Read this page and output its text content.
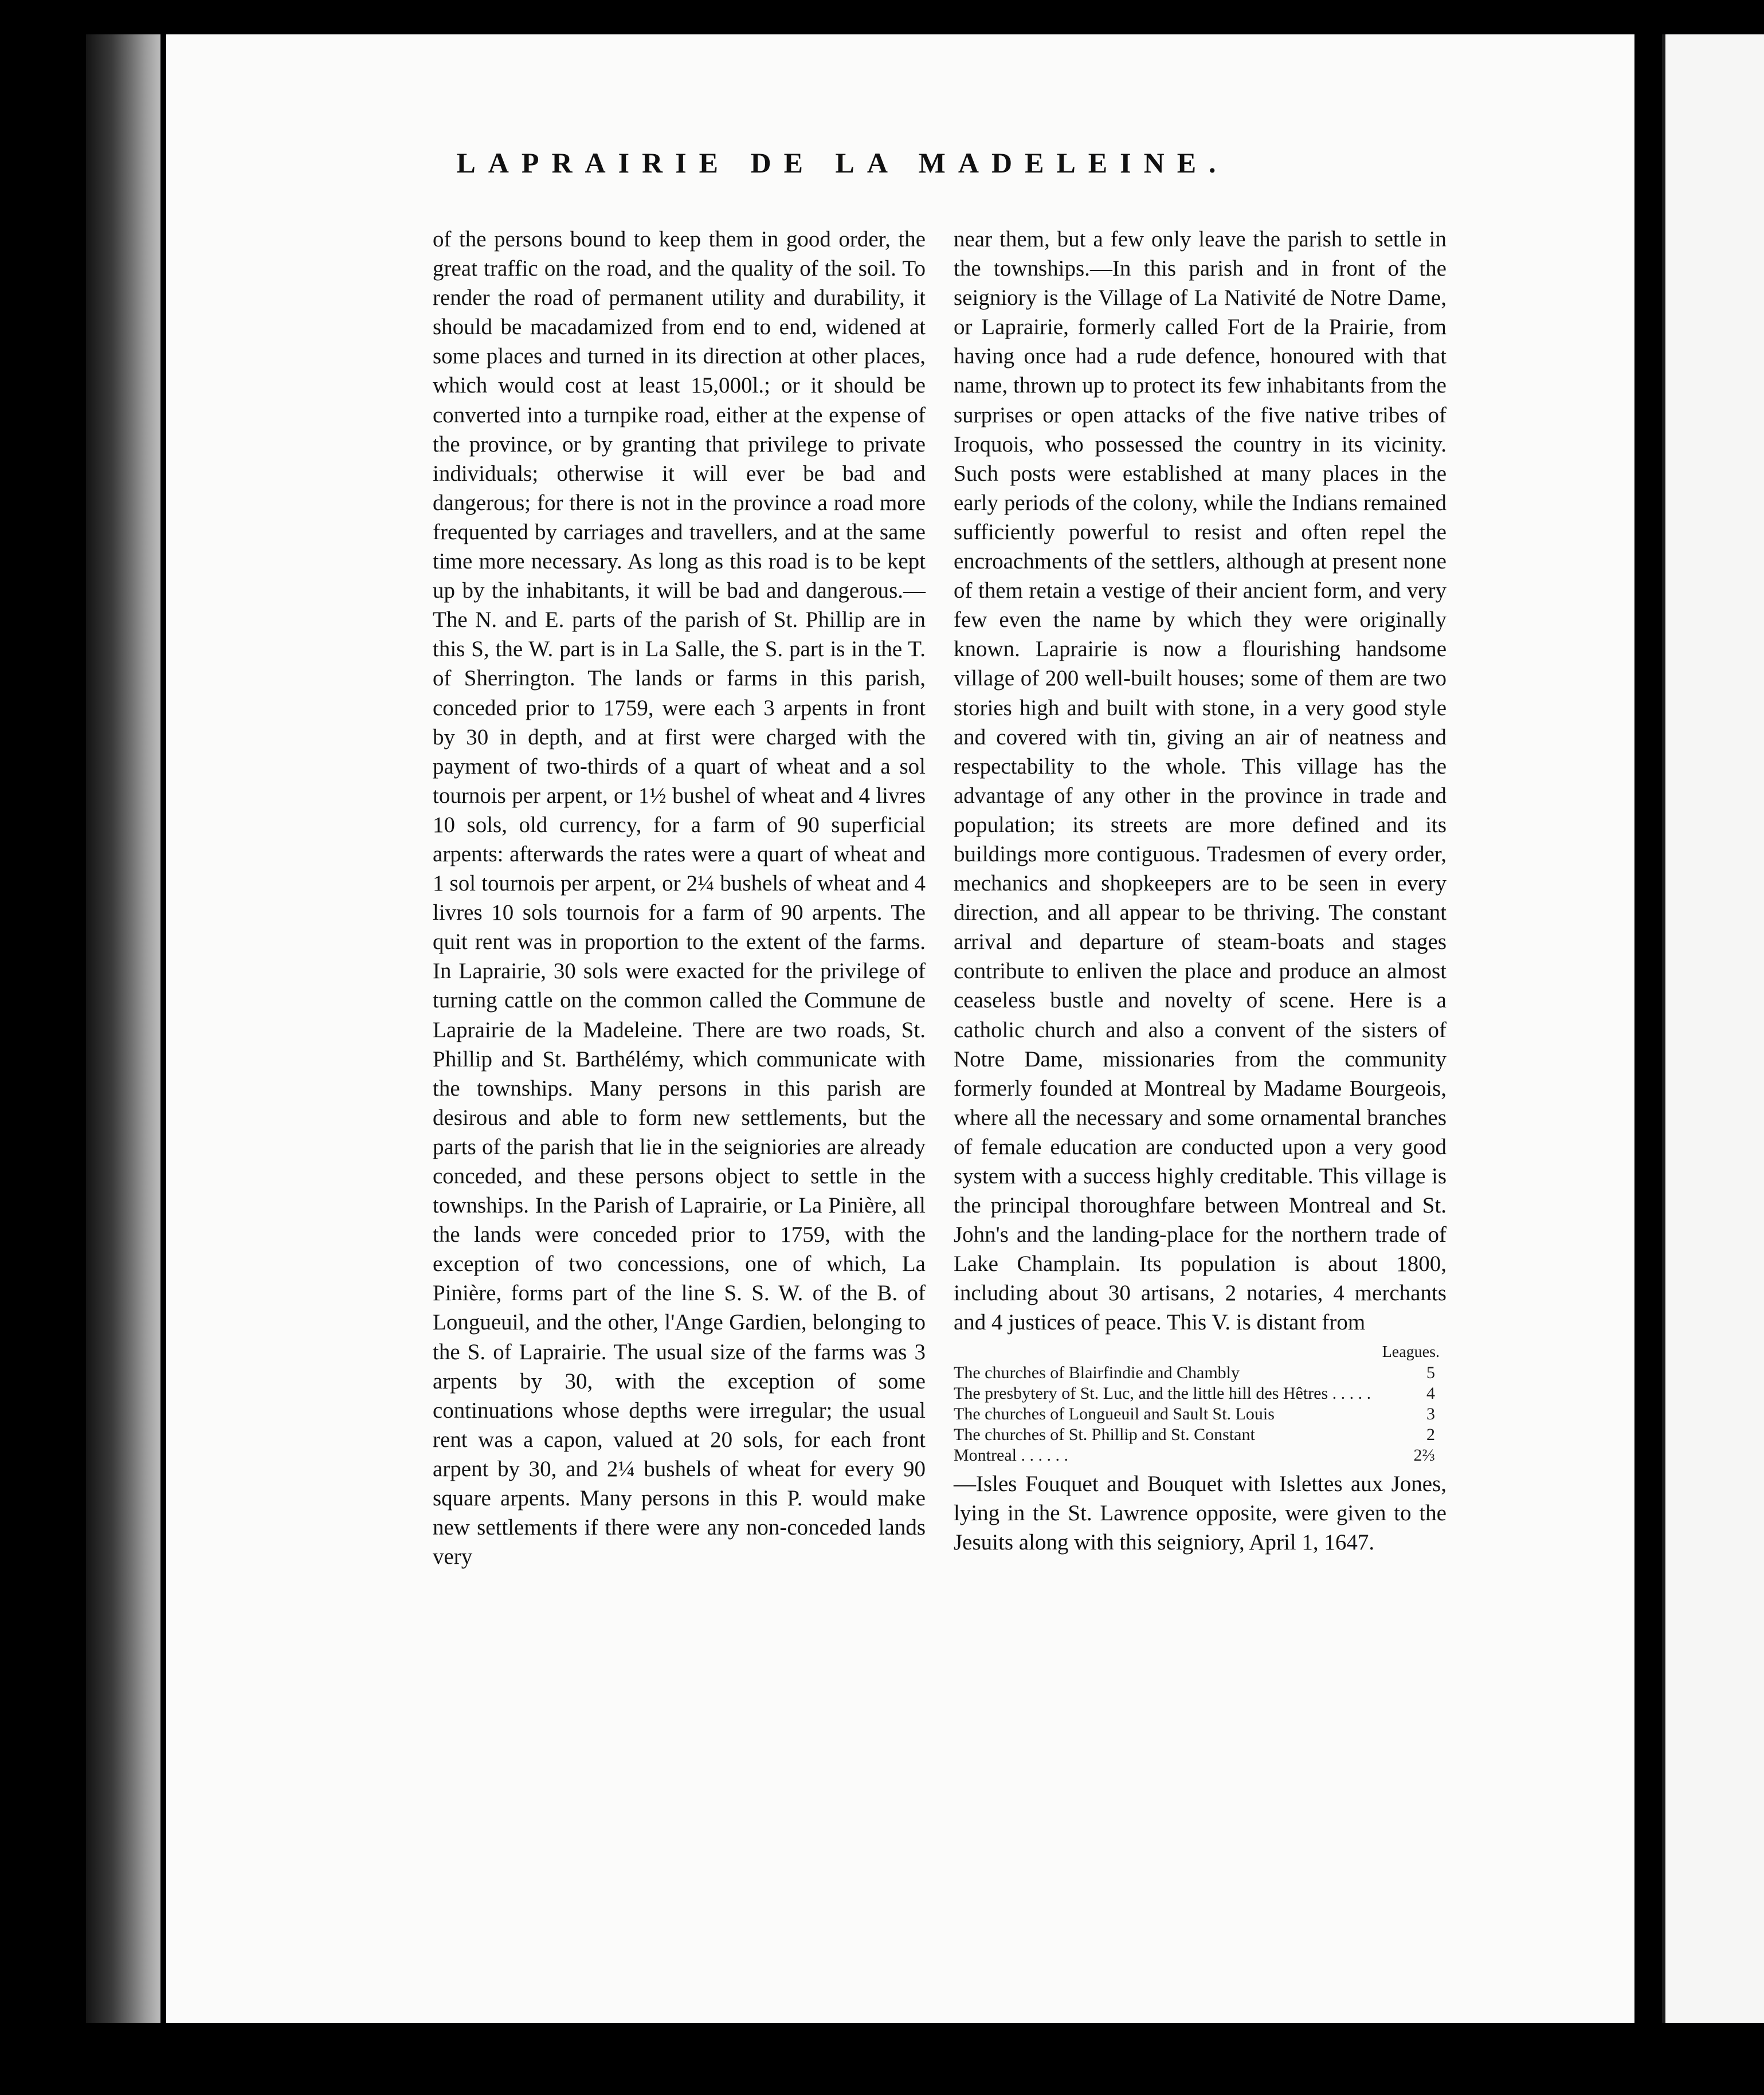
LAPRAIRIE DE LA MADELEINE.

of the persons bound to keep them in good order, the great traffic on the road, and the quality of the soil. To render the road of permanent utility and durability, it should be macadamized from end to end, widened at some places and turned in its direction at other places, which would cost at least 15,000l.; or it should be converted into a turnpike road, either at the expense of the province, or by granting that privilege to private individuals; otherwise it will ever be bad and dangerous; for there is not in the province a road more frequented by carriages and travellers, and at the same time more necessary. As long as this road is to be kept up by the inhabitants, it will be bad and dangerous.—The N. and E. parts of the parish of St. Phillip are in this S, the W. part is in La Salle, the S. part is in the T. of Sherrington. The lands or farms in this parish, conceded prior to 1759, were each 3 arpents in front by 30 in depth, and at first were charged with the payment of two-thirds of a quart of wheat and a sol tournois per arpent, or 1½ bushel of wheat and 4 livres 10 sols, old currency, for a farm of 90 superficial arpents: afterwards the rates were a quart of wheat and 1 sol tournois per arpent, or 2¼ bushels of wheat and 4 livres 10 sols tournois for a farm of 90 arpents. The quit rent was in proportion to the extent of the farms. In Laprairie, 30 sols were exacted for the privilege of turning cattle on the common called the Commune de Laprairie de la Madeleine. There are two roads, St. Phillip and St. Barthélémy, which communicate with the townships. Many persons in this parish are desirous and able to form new settlements, but the parts of the parish that lie in the seigniories are already conceded, and these persons object to settle in the townships. In the Parish of Laprairie, or La Pinière, all the lands were conceded prior to 1759, with the exception of two concessions, one of which, La Pinière, forms part of the line S. S. W. of the B. of Longueuil, and the other, l'Ange Gardien, belonging to the S. of Laprairie. The usual size of the farms was 3 arpents by 30, with the exception of some continuations whose depths were irregular; the usual rent was a capon, valued at 20 sols, for each front arpent by 30, and 2¼ bushels of wheat for every 90 square arpents. Many persons in this P. would make new settlements if there were any non-conceded lands very

near them, but a few only leave the parish to settle in the townships.—In this parish and in front of the seigniory is the Village of La Nativité de Notre Dame, or Laprairie, formerly called Fort de la Prairie, from having once had a rude defence, honoured with that name, thrown up to protect its few inhabitants from the surprises or open attacks of the five native tribes of Iroquois, who possessed the country in its vicinity. Such posts were established at many places in the early periods of the colony, while the Indians remained sufficiently powerful to resist and often repel the encroachments of the settlers, although at present none of them retain a vestige of their ancient form, and very few even the name by which they were originally known. Laprairie is now a flourishing handsome village of 200 well-built houses; some of them are two stories high and built with stone, in a very good style and covered with tin, giving an air of neatness and respectability to the whole. This village has the advantage of any other in the province in trade and population; its streets are more defined and its buildings more contiguous. Tradesmen of every order, mechanics and shopkeepers are to be seen in every direction, and all appear to be thriving. The constant arrival and departure of steam-boats and stages contribute to enliven the place and produce an almost ceaseless bustle and novelty of scene. Here is a catholic church and also a convent of the sisters of Notre Dame, missionaries from the community formerly founded at Montreal by Madame Bourgeois, where all the necessary and some ornamental branches of female education are conducted upon a very good system with a success highly creditable. This village is the principal thoroughfare between Montreal and St. John's and the landing-place for the northern trade of Lake Champlain. Its population is about 1800, including about 30 artisans, 2 notaries, 4 merchants and 4 justices of peace. This V. is distant from

Leagues.
The churches of Blairfindie and Chambly	5
The presbytery of St. Luc, and the little hill des Hêtres . . . . .	4
The churches of Longueuil and Sault St. Louis	3
The churches of St. Phillip and St. Constant	2
Montreal . . . . . .	2⅔

—Isles Fouquet and Bouquet with Islettes aux Jones, lying in the St. Lawrence opposite, were given to the Jesuits along with this seigniory, April 1, 1647.
